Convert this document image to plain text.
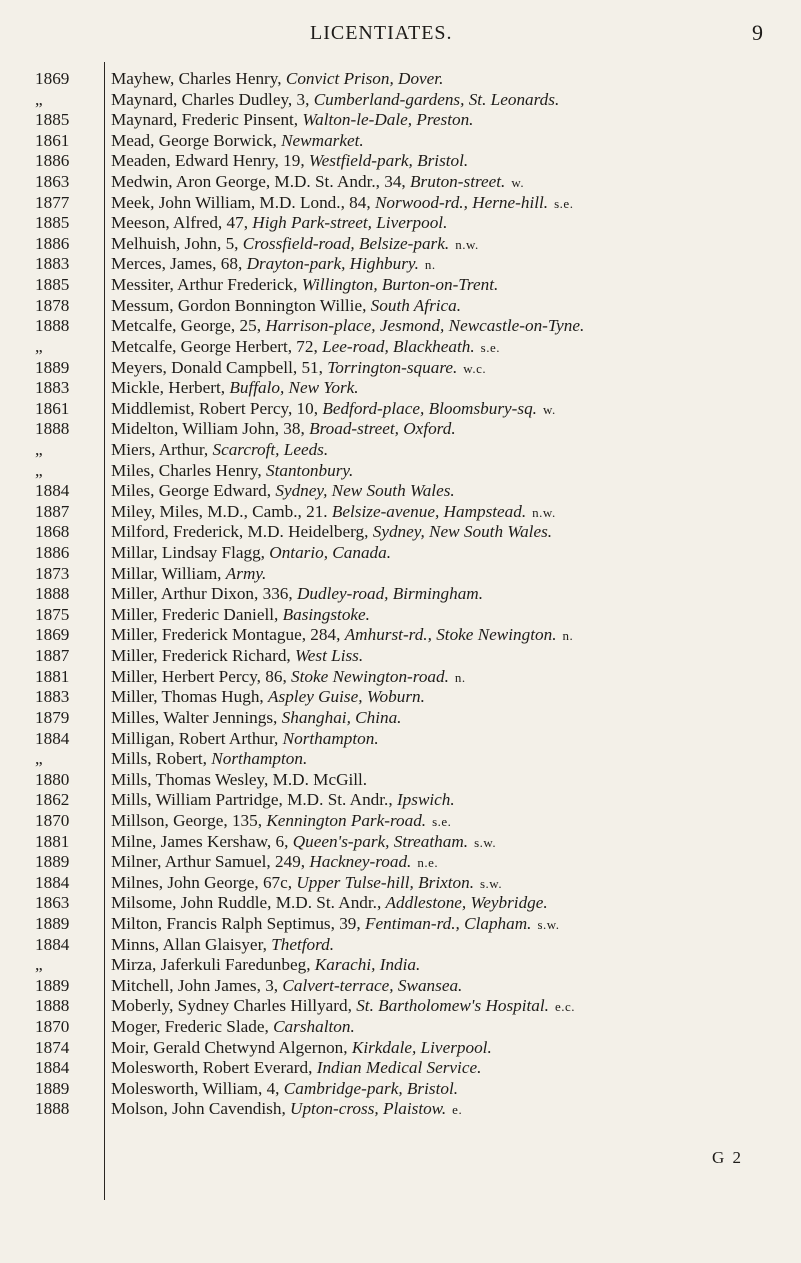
LICENTIATES.	9
1869	Mayhew, Charles Henry, Convict Prison, Dover.
„	Maynard, Charles Dudley, 3, Cumberland-gardens, St. Leonards.
1885	Maynard, Frederic Pinsent, Walton-le-Dale, Preston.
1861	Mead, George Borwick, Newmarket.
1886	Meaden, Edward Henry, 19, Westfield-park, Bristol.
1863	Medwin, Aron George, M.D. St. Andr., 34, Bruton-street. w.
1877	Meek, John William, M.D. Lond., 84, Norwood-rd., Herne-hill. s.e.
1885	Meeson, Alfred, 47, High Park-street, Liverpool.
1886	Melhuish, John, 5, Crossfield-road, Belsize-park. n.w.
1883	Merces, James, 68, Drayton-park, Highbury. n.
1885	Messiter, Arthur Frederick, Willington, Burton-on-Trent.
1878	Messum, Gordon Bonnington Willie, South Africa.
1888	Metcalfe, George, 25, Harrison-place, Jesmond, Newcastle-on-Tyne.
„	Metcalfe, George Herbert, 72, Lee-road, Blackheath. s.e.
1889	Meyers, Donald Campbell, 51, Torrington-square. w.c.
1883	Mickle, Herbert, Buffalo, New York.
1861	Middlemist, Robert Percy, 10, Bedford-place, Bloomsbury-sq. w.
1888	Midelton, William John, 38, Broad-street, Oxford.
„	Miers, Arthur, Scarcroft, Leeds.
„	Miles, Charles Henry, Stantonbury.
1884	Miles, George Edward, Sydney, New South Wales.
1887	Miley, Miles, M.D., Camb., 21. Belsize-avenue, Hampstead. n.w.
1868	Milford, Frederick, M.D. Heidelberg, Sydney, New South Wales.
1886	Millar, Lindsay Flagg, Ontario, Canada.
1873	Millar, William, Army.
1888	Miller, Arthur Dixon, 336, Dudley-road, Birmingham.
1875	Miller, Frederic Daniell, Basingstoke.
1869	Miller, Frederick Montague, 284, Amhurst-rd., Stoke Newington. n.
1887	Miller, Frederick Richard, West Liss.
1881	Miller, Herbert Percy, 86, Stoke Newington-road. n.
1883	Miller, Thomas Hugh, Aspley Guise, Woburn.
1879	Milles, Walter Jennings, Shanghai, China.
1884	Milligan, Robert Arthur, Northampton.
„	Mills, Robert, Northampton.
1880	Mills, Thomas Wesley, M.D. McGill.
1862	Mills, William Partridge, M.D. St. Andr., Ipswich.
1870	Millson, George, 135, Kennington Park-road. s.e.
1881	Milne, James Kershaw, 6, Queen's-park, Streatham. s.w.
1889	Milner, Arthur Samuel, 249, Hackney-road. n.e.
1884	Milnes, John George, 67c, Upper Tulse-hill, Brixton. s.w.
1863	Milsome, John Ruddle, M.D. St. Andr., Addlestone, Weybridge.
1889	Milton, Francis Ralph Septimus, 39, Fentiman-rd., Clapham. s.w.
1884	Minns, Allan Glaisyer, Thetford.
„	Mirza, Jaferkuli Faredunbeg, Karachi, India.
1889	Mitchell, John James, 3, Calvert-terrace, Swansea.
1888	Moberly, Sydney Charles Hillyard, St. Bartholomew's Hospital. e.c.
1870	Moger, Frederic Slade, Carshalton.
1874	Moir, Gerald Chetwynd Algernon, Kirkdale, Liverpool.
1884	Molesworth, Robert Everard, Indian Medical Service.
1889	Molesworth, William, 4, Cambridge-park, Bristol.
1888	Molson, John Cavendish, Upton-cross, Plaistow. e.
G 2
